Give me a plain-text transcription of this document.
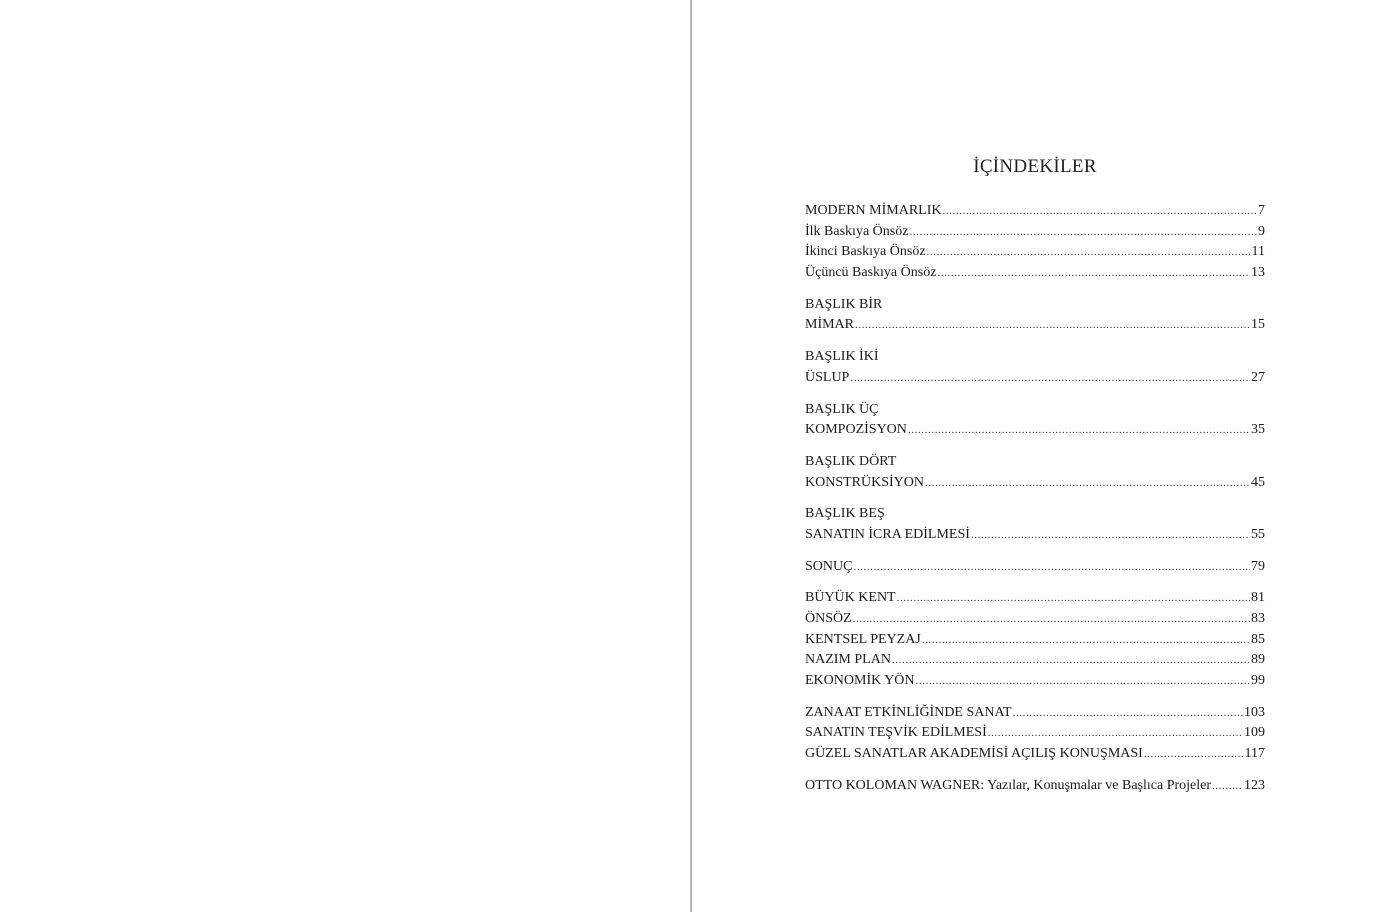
İÇİNDEKİLER
MODERN MİMARLIK .....	7
İlk Baskıya Önsöz .....	9
İkinci Baskıya Önsöz .....	11
Üçüncü Baskıya Önsöz .....	13
BAŞLIK BİR
MİMAR .....	15
BAŞLIK İKİ
ÜSLUP .....	27
BAŞLIK ÜÇ
KOMPOZİSYON .....	35
BAŞLIK DÖRT
KONSTRÜKSİYON .....	45
BAŞLIK BEŞ
SANATIN İCRA EDİLMESİ .....	55
SONUÇ .....	79
BÜYÜK KENT .....	81
ÖNSÖZ .....	83
KENTSEL PEYZAJ .....	85
NAZIM PLAN .....	89
EKONOMİK YÖN .....	99
ZANAAT ETKİNLİĞİNDE SANAT .....	103
SANATIN TEŞVİK EDİLMESİ .....	109
GÜZEL SANATLAR AKADEMİSİ AÇILIŞ KONUŞMASI .....	117
OTTO KOLOMAN WAGNER: Yazılar, Konuşmalar ve Başlıca Projeler ..... 123
